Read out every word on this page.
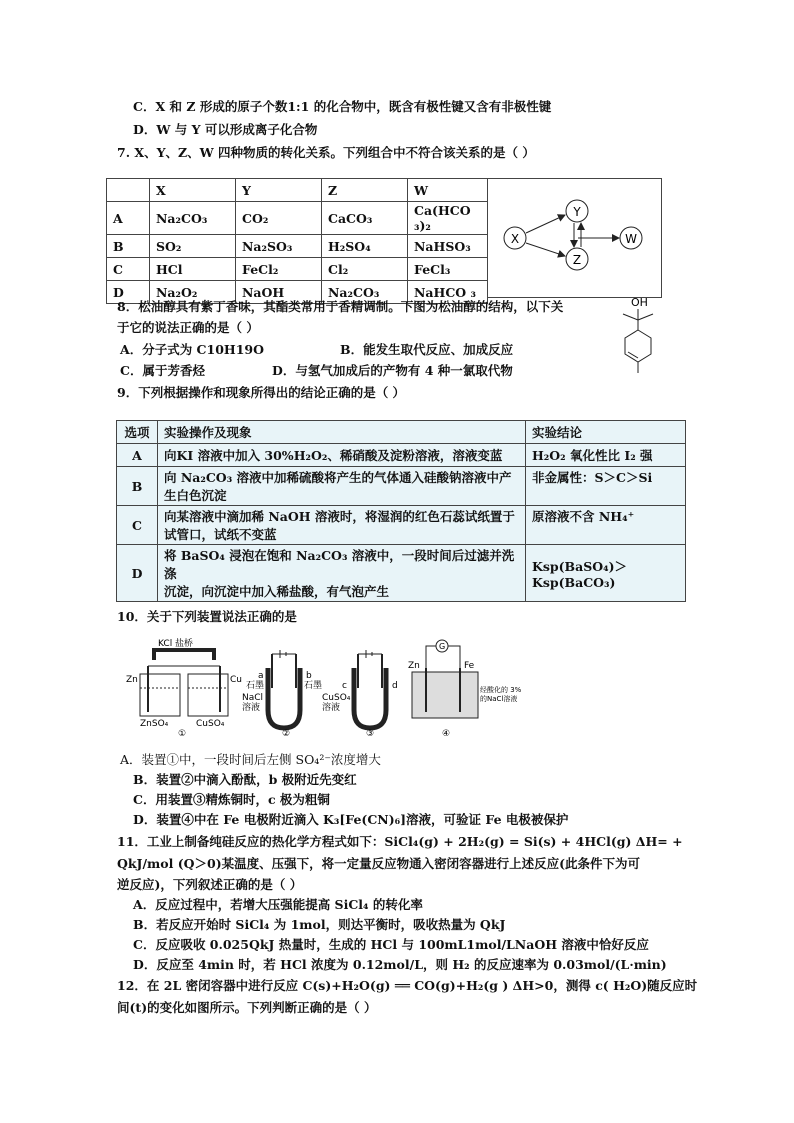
C．X 和 Z 形成的原子个数1:1 的化合物中，既含有极性键又含有非极性键
D．W 与 Y 可以形成离子化合物
7. X、Y、Z、W 四种物质的转化关系。下列组合中不符合该关系的是（ ）
	X	Y	Z	W
A	Na₂CO₃	CO₂	CaCO₃	Ca(HCO ₃)₂
B	SO₂	Na₂SO₃	H₂SO₄	NaHSO₃
C	HCl	FeCl₂	Cl₂	FeCl₃
D	Na₂O₂	NaOH	Na₂CO₃	NaHCO ₃
X
Y
Z
W
8．松油醇具有紫丁香味，其酯类常用于香精调制。下图为松油醇的结构，以下关
于它的说法正确的是（ ）
A．分子式为 C10H19O	B．能发生取代反应、加成反应
C．属于芳香烃	D．与氢气加成后的产物有 4 种一氯取代物
OH
9．下列根据操作和现象所得出的结论正确的是（ ）
选项	实验操作及现象	实验结论
A	向KI 溶液中加入 30%H₂O₂、稀硝酸及淀粉溶液，溶液变蓝	H₂O₂ 氧化性比 I₂ 强
B	向 Na₂CO₃ 溶液中加稀硫酸将产生的气体通入硅酸钠溶液中产
生白色沉淀	非金属性：S＞C＞Si
C	向某溶液中滴加稀 NaOH 溶液时，将湿润的红色石蕊试纸置于
试管口，试纸不变蓝	原溶液不含 NH₄⁺
D	将 BaSO₄ 浸泡在饱和 Na₂CO₃ 溶液中，一段时间后过滤并洗涤
沉淀，向沉淀中加入稀盐酸，有气泡产生	Ksp(BaSO₄)＞Ksp(BaCO₃)
10．关于下列装置说法正确的是
KCl 盐桥
Zn	Cu
ZnSO₄	CuSO₄
①
a	b
石墨	石墨
NaCl
溶液
②
c	d
CuSO₄
溶液
③
G
Zn	Fe
经酸化的 3%
的NaCl溶液
④
A．装置①中，一段时间后左侧 SO₄²⁻浓度增大
B．装置②中滴入酚酞，b 极附近先变红
C．用装置③精炼铜时，c 极为粗铜
D．装置④中在 Fe 电极附近滴入 K₃[Fe(CN)₆]溶液，可验证 Fe 电极被保护
11．工业上制备纯硅反应的热化学方程式如下：SiCl₄(g) + 2H₂(g) = Si(s) + 4HCl(g) ΔH= +
QkJ/mol (Q＞0)某温度、压强下，将一定量反应物通入密闭容器进行上述反应(此条件下为可
逆反应)，下列叙述正确的是（ ）
A．反应过程中，若增大压强能提高 SiCl₄ 的转化率
B．若反应开始时 SiCl₄ 为 1mol，则达平衡时，吸收热量为 QkJ
C．反应吸收 0.025QkJ 热量时，生成的 HCl 与 100mL1mol/LNaOH 溶液中恰好反应
D．反应至 4min 时，若 HCl 浓度为 0.12mol/L，则 H₂ 的反应速率为 0.03mol/(L·min)
12．在 2L 密闭容器中进行反应 C(s)+H₂O(g) ══ CO(g)+H₂(g ) ΔH>0，测得 c( H₂O)随反应时
间(t)的变化如图所示。下列判断正确的是（ ）
